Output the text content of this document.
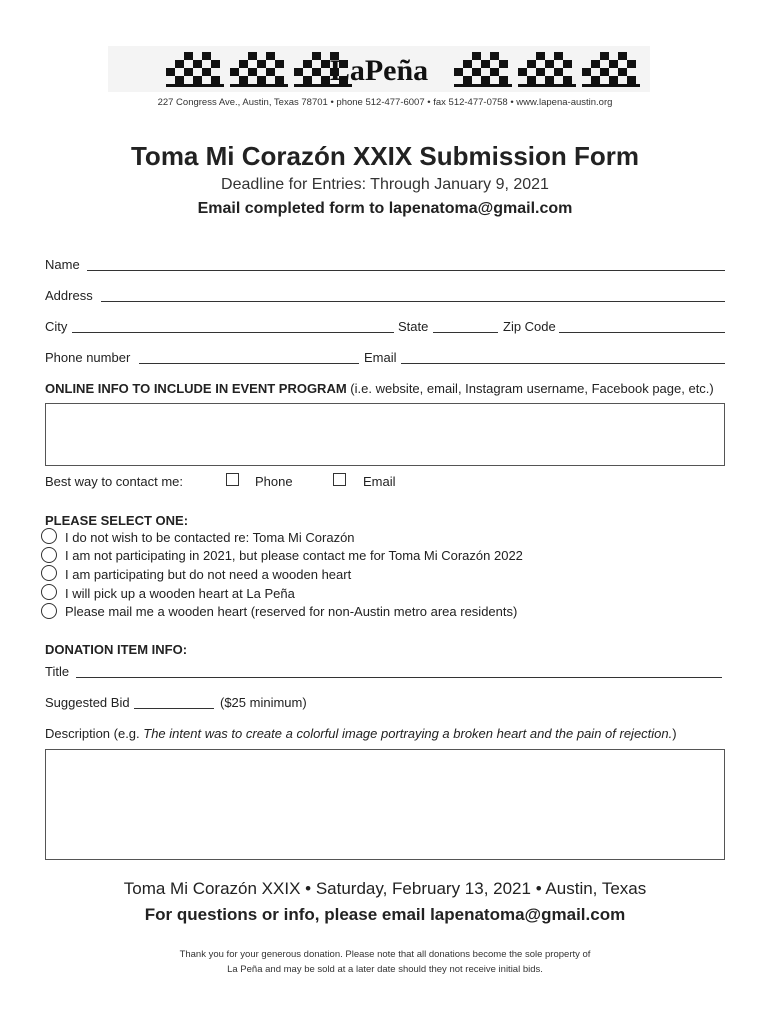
LaPeña
227 Congress Ave., Austin, Texas 78701 • phone 512-477-6007 • fax 512-477-0758 • www.lapena-austin.org
Toma Mi Corazón XXIX Submission Form
Deadline for Entries: Through January 9, 2021
Email completed form to lapenatoma@gmail.com
Name
Address
City	State	Zip Code
Phone number	Email
ONLINE INFO TO INCLUDE IN EVENT PROGRAM (i.e. website, email, Instagram username, Facebook page, etc.)
Best way to contact me:	Phone	Email
PLEASE SELECT ONE:
I do not wish to be contacted re: Toma Mi Corazón
I am not participating in 2021, but please contact me for Toma Mi Corazón 2022
I am participating but do not need a wooden heart
I will pick up a wooden heart at La Peña
Please mail me a wooden heart (reserved for non-Austin metro area residents)
DONATION ITEM INFO:
Title
Suggested Bid	($25 minimum)
Description (e.g. The intent was to create a colorful image portraying a broken heart and the pain of rejection.)
Toma Mi Corazón XXIX • Saturday, February 13, 2021 • Austin, Texas
For questions or info, please email lapenatoma@gmail.com
Thank you for your generous donation. Please note that all donations become the sole property of
La Peña and may be sold at a later date should they not receive initial bids.
